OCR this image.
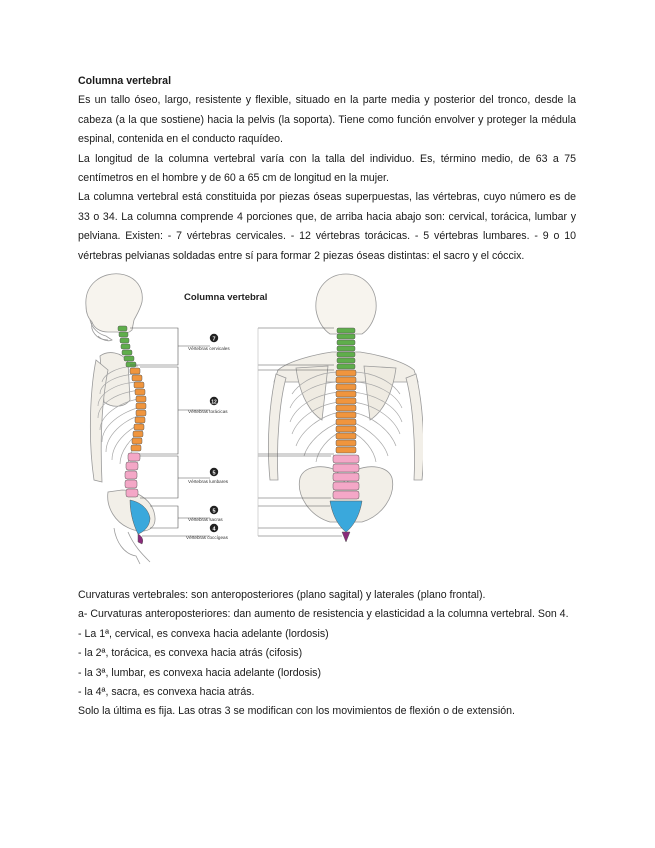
Columna vertebral

Es un tallo óseo, largo, resistente y flexible, situado en la parte media y posterior del tronco, desde la cabeza (a la que sostiene) hacia la pelvis (la soporta). Tiene como función envolver y proteger la médula espinal, contenida en el conducto raquídeo.

La longitud de la columna vertebral varía con la talla del individuo. Es, término medio, de 63 a 75 centímetros en el hombre y de 60 a 65 cm de longitud en la mujer.

La columna vertebral está constituida por piezas óseas superpuestas, las vértebras, cuyo número es de 33 o 34. La columna comprende 4 porciones que, de arriba hacia abajo son: cervical, torácica, lumbar y pelviana. Existen: - 7 vértebras cervicales. - 12 vértebras torácicas. - 5 vértebras lumbares. - 9 o 10 vértebras pelvianas soldadas entre sí para formar 2 piezas óseas distintas: el sacro y el cóccix.

Columna vertebral
7
Vértebras cervicales
12
Vértebras torácicas
5
Vértebras lumbares
5
Vértebras sacras
4
Vértebras coccígeas
Curvaturas vertebrales: son anteroposteriores (plano sagital) y laterales (plano frontal).
a- Curvaturas anteroposteriores: dan aumento de resistencia y elasticidad a la columna vertebral. Son 4.
- La 1ª, cervical, es convexa hacia adelante (lordosis)
- la 2ª, torácica, es convexa hacia atrás (cifosis)
- la 3ª, lumbar, es convexa hacia adelante (lordosis)
- la 4ª, sacra, es convexa hacia atrás.
Solo la última es fija. Las otras 3 se modifican con los movimientos de flexión o de extensión.
